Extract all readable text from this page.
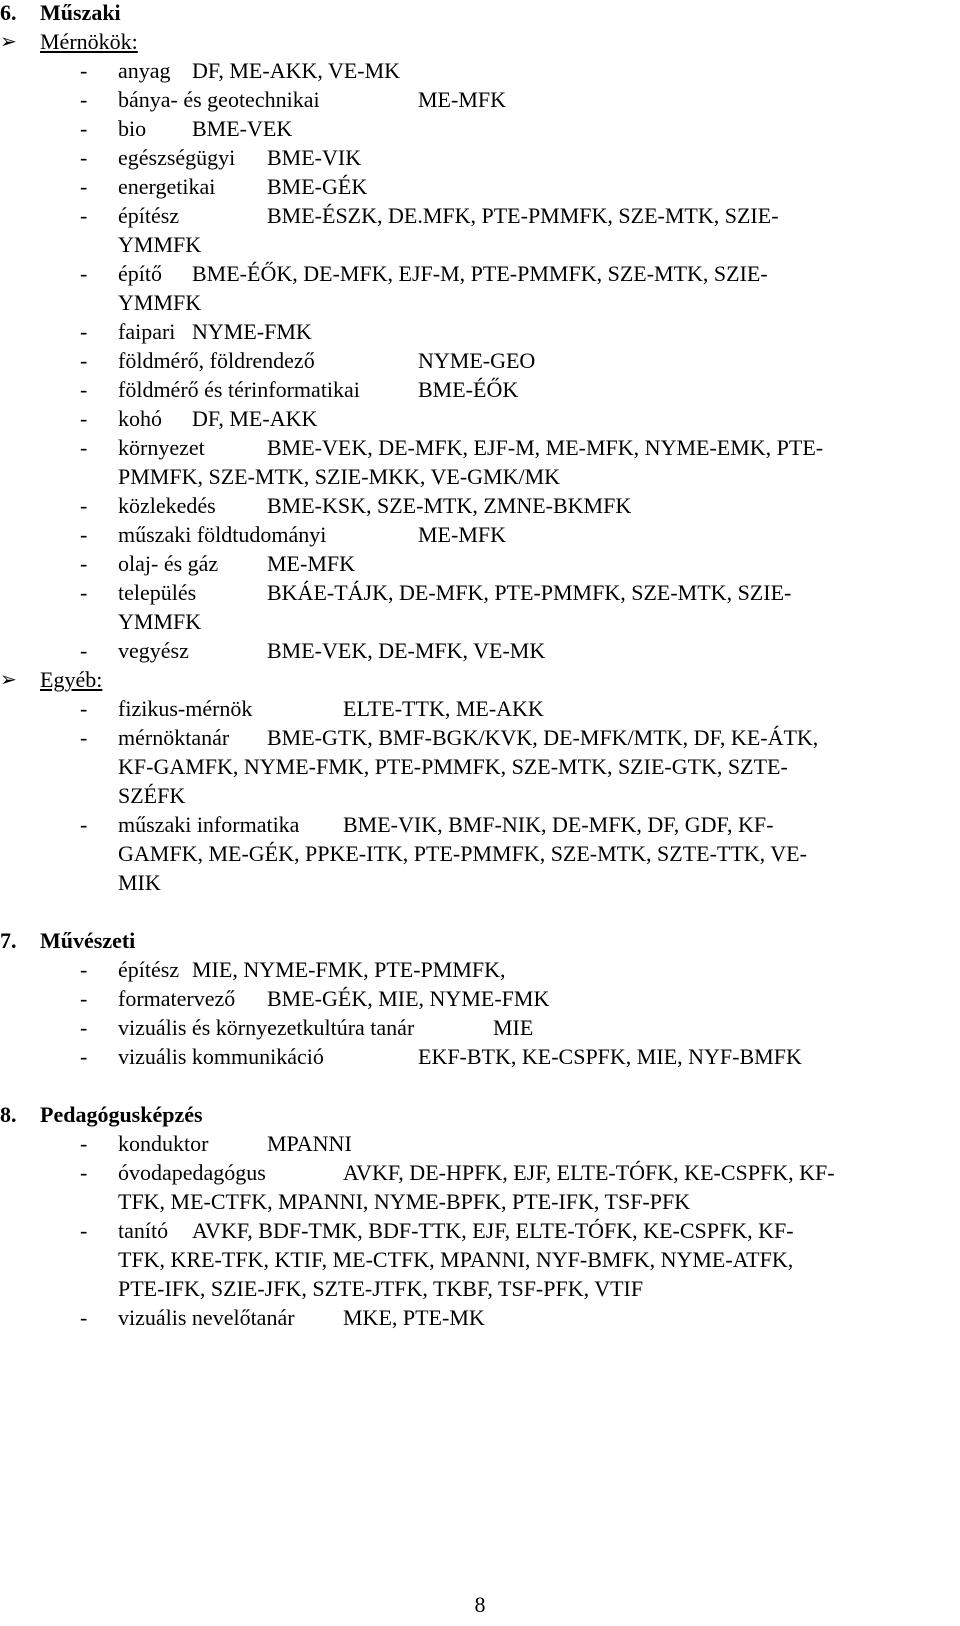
6. Műszaki
➢	Mérnökök:
- anyag DF, ME-AKK, VE-MK
- bánya- és geotechnikai	ME-MFK
- bio BME-VEK
- egészségügyi BME-VIK
- energetikai BME-GÉK
- építész	BME-ÉSZK, DE.MFK, PTE-PMMFK, SZE-MTK, SZIE-
YMMFK
- építő BME-ÉŐK, DE-MFK, EJF-M, PTE-PMMFK, SZE-MTK, SZIE-
YMMFK
- faipari NYME-FMK
- földmérő, földrendező	NYME-GEO
- földmérő és térinformatikai	BME-ÉŐK
- kohó DF, ME-AKK
- környezet	BME-VEK, DE-MFK, EJF-M, ME-MFK, NYME-EMK, PTE-
PMMFK, SZE-MTK, SZIE-MKK, VE-GMK/MK
- közlekedés BME-KSK, SZE-MTK, ZMNE-BKMFK
- műszaki földtudományi	ME-MFK
- olaj- és gáz ME-MFK
- település	BKÁE-TÁJK, DE-MFK, PTE-PMMFK, SZE-MTK, SZIE-
YMMFK
- vegyész	BME-VEK, DE-MFK, VE-MK
➢	Egyéb:
- fizikus-mérnök	ELTE-TTK, ME-AKK
- mérnöktanár BME-GTK, BMF-BGK/KVK, DE-MFK/MTK, DF, KE-ÁTK,
KF-GAMFK, NYME-FMK, PTE-PMMFK, SZE-MTK, SZIE-GTK, SZTE-
SZÉFK
- műszaki informatika BME-VIK, BMF-NIK, DE-MFK, DF, GDF, KF-
GAMFK, ME-GÉK, PPKE-ITK, PTE-PMMFK, SZE-MTK, SZTE-TTK, VE-
MIK
7. Művészeti
- építész MIE, NYME-FMK, PTE-PMMFK,
- formatervező BME-GÉK, MIE, NYME-FMK
- vizuális és környezetkultúra tanár	MIE
- vizuális kommunikáció	EKF-BTK, KE-CSPFK, MIE, NYF-BMFK
8. Pedagógusképzés
- konduktor	MPANNI
- óvodapedagógus	AVKF, DE-HPFK, EJF, ELTE-TÓFK, KE-CSPFK, KF-
TFK, ME-CTFK, MPANNI, NYME-BPFK, PTE-IFK, TSF-PFK
- tanító AVKF, BDF-TMK, BDF-TTK, EJF, ELTE-TÓFK, KE-CSPFK, KF-
TFK, KRE-TFK, KTIF, ME-CTFK, MPANNI, NYF-BMFK, NYME-ATFK,
PTE-IFK, SZIE-JFK, SZTE-JTFK, TKBF, TSF-PFK, VTIF
- vizuális nevelőtanár MKE, PTE-MK
8
